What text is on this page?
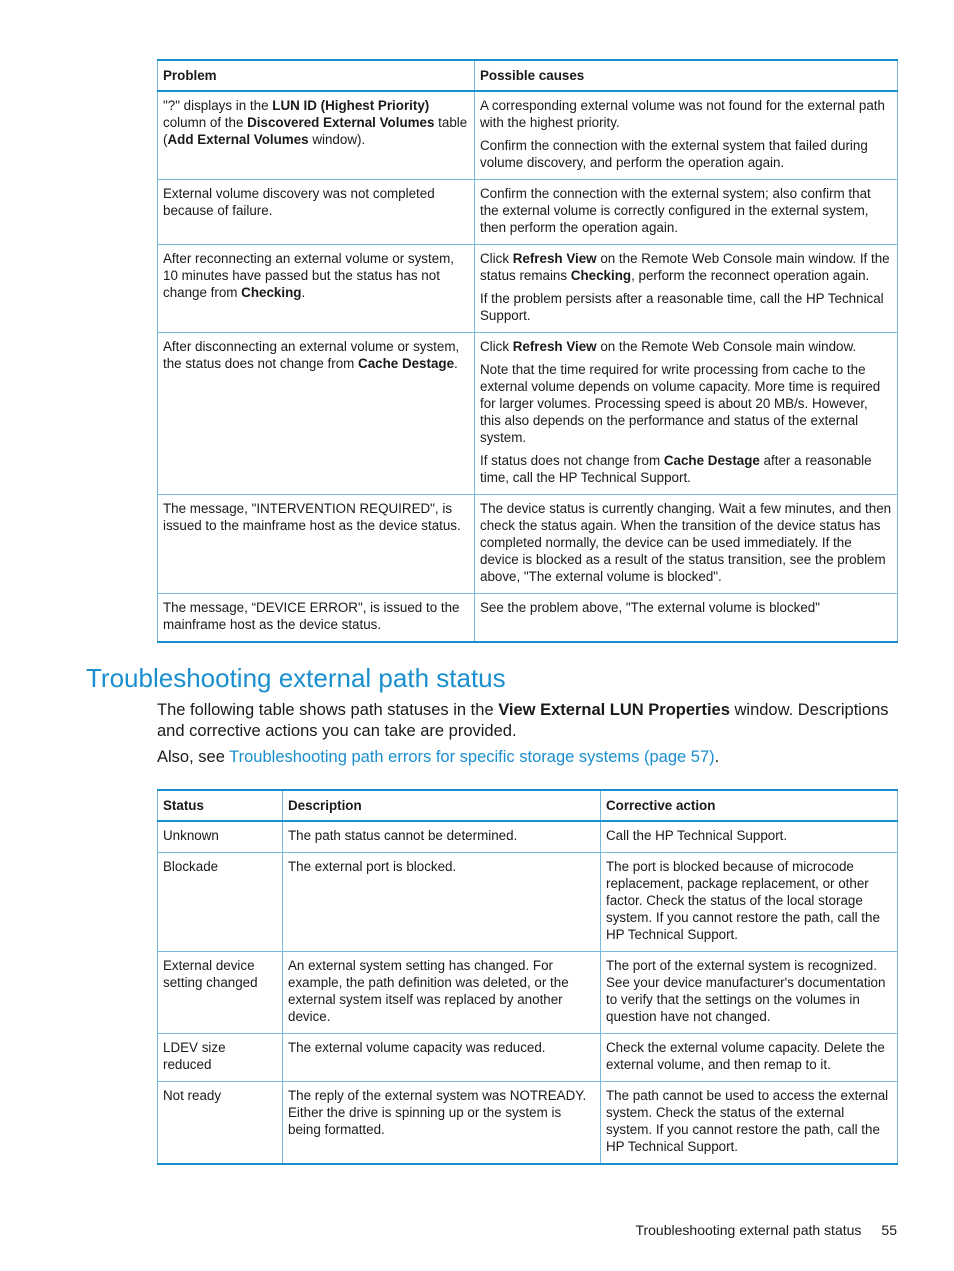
Problem	Possible causes
"?" displays in the LUN ID (Highest Priority) column of the Discovered External Volumes table (Add External Volumes window).	A corresponding external volume was not found for the external path with the highest priority.

Confirm the connection with the external system that failed during volume discovery, and perform the operation again.

External volume discovery was not completed because of failure.	Confirm the connection with the external system; also confirm that the external volume is correctly configured in the external system, then perform the operation again.

After reconnecting an external volume or system, 10 minutes have passed but the status has not change from Checking.	Click Refresh View on the Remote Web Console main window. If the status remains Checking, perform the reconnect operation again.

If the problem persists after a reasonable time, call the HP Technical Support.

After disconnecting an external volume or system, the status does not change from Cache Destage.	Click Refresh View on the Remote Web Console main window.

Note that the time required for write processing from cache to the external volume depends on volume capacity. More time is required for larger volumes. Processing speed is about 20 MB/s. However, this also depends on the performance and status of the external system.

If status does not change from Cache Destage after a reasonable time, call the HP Technical Support.

The message, "INTERVENTION REQUIRED", is issued to the mainframe host as the device status.	The device status is currently changing. Wait a few minutes, and then check the status again. When the transition of the device status has completed normally, the device can be used immediately. If the device is blocked as a result of the status transition, see the problem above, "The external volume is blocked".

The message, “DEVICE ERROR", is issued to the mainframe host as the device status.	See the problem above, "The external volume is blocked"

Troubleshooting external path status

The following table shows path statuses in the View External LUN Properties window. Descriptions and corrective actions you can take are provided.

Also, see Troubleshooting path errors for specific storage systems (page 57).

Status	Description	Corrective action
Unknown	The path status cannot be determined.	Call the HP Technical Support.
Blockade	The external port is blocked.	The port is blocked because of microcode replacement, package replacement, or other factor. Check the status of the local storage system. If you cannot restore the path, call the HP Technical Support.
External device setting changed	An external system setting has changed. For example, the path definition was deleted, or the external system itself was replaced by another device.	The port of the external system is recognized. See your device manufacturer's documentation to verify that the settings on the volumes in question have not changed.
LDEV size reduced	The external volume capacity was reduced.	Check the external volume capacity. Delete the external volume, and then remap to it.
Not ready	The reply of the external system was NOTREADY. Either the drive is spinning up or the system is being formatted.	The path cannot be used to access the external system. Check the status of the external system. If you cannot restore the path, call the HP Technical Support.
Troubleshooting external path status 55
